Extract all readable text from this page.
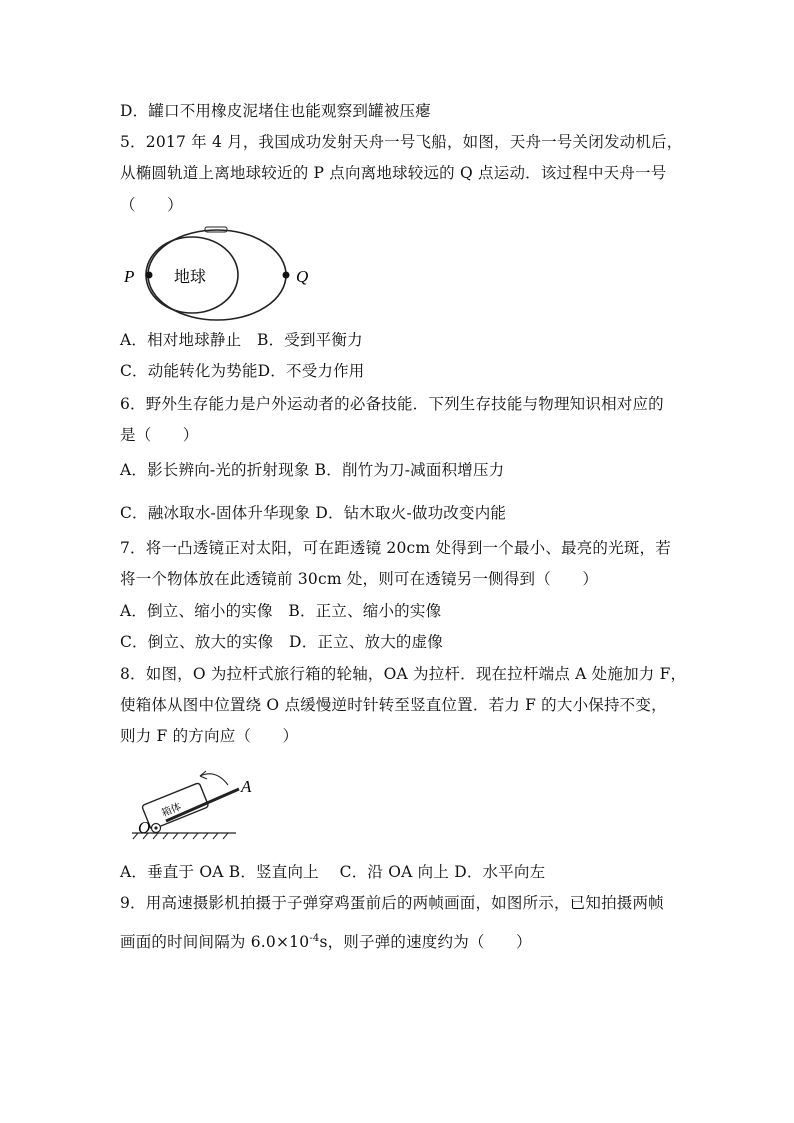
D．罐口不用橡皮泥堵住也能观察到罐被压瘪
5．2017 年 4 月，我国成功发射天舟一号飞船，如图，天舟一号关闭发动机后，
从椭圆轨道上离地球较近的 P 点向离地球较远的 Q 点运动．该过程中天舟一号
（　　）
P	Q
地球
A．相对地球静止　B．受到平衡力
C．动能转化为势能D．不受力作用
6．野外生存能力是户外运动者的必备技能．下列生存技能与物理知识相对应的
是（　　）
A．影长辨向-光的折射现象 B．削竹为刀-减面积增压力
C．融冰取水-固体升华现象 D．钻木取火-做功改变内能
7．将一凸透镜正对太阳，可在距透镜 20cm 处得到一个最小、最亮的光斑，若
将一个物体放在此透镜前 30cm 处，则可在透镜另一侧得到（　　）
A．倒立、缩小的实像　B．正立、缩小的实像
C．倒立、放大的实像　D．正立、放大的虚像
8．如图，O 为拉杆式旅行箱的轮轴，OA 为拉杆．现在拉杆端点 A 处施加力 F，
使箱体从图中位置绕 O 点缓慢逆时针转至竖直位置．若力 F 的大小保持不变，
则力 F 的方向应（　　）
箱体
A
O
A．垂直于 OA B．竖直向上　 C．沿 OA 向上 D．水平向左
9．用高速摄影机拍摄于子弹穿鸡蛋前后的两帧画面，如图所示，已知拍摄两帧
画面的时间间隔为 $6.0\times 10^{-4}s$，则子弹的速度约为（　　）
